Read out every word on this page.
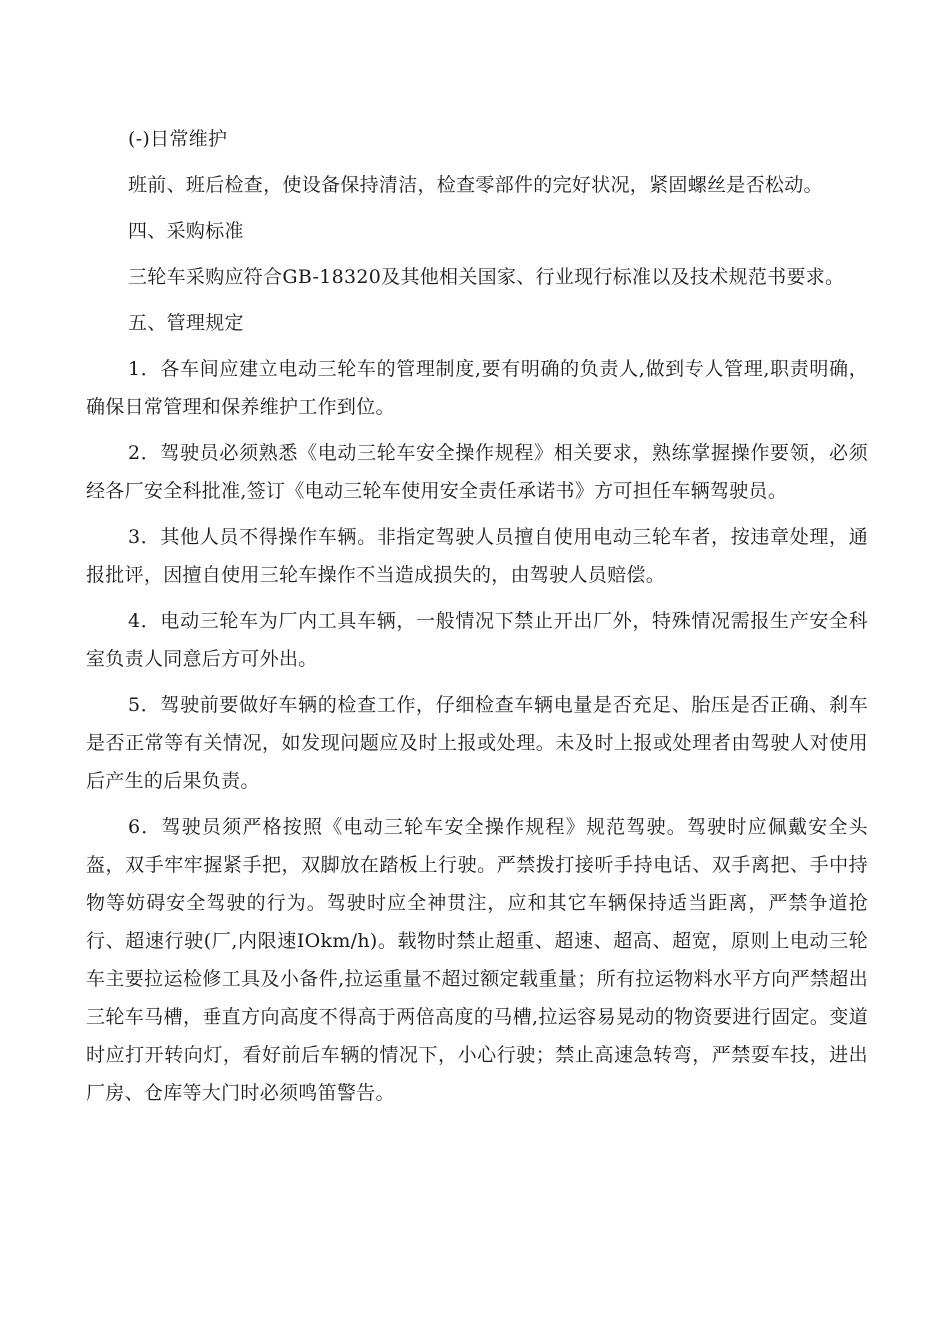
(-)日常维护

班前、班后检查，使设备保持清洁，检查零部件的完好状况，紧固螺丝是否松动。

四、采购标准

三轮车采购应符合GB-18320及其他相关国家、行业现行标准以及技术规范书要求。

五、管理规定

1．各车间应建立电动三轮车的管理制度,要有明确的负责人,做到专人管理,职责明确，确保日常管理和保养维护工作到位。

2．驾驶员必须熟悉《电动三轮车安全操作规程》相关要求，熟练掌握操作要领，必须经各厂安全科批准,签订《电动三轮车使用安全责任承诺书》方可担任车辆驾驶员。

3．其他人员不得操作车辆。非指定驾驶人员擅自使用电动三轮车者，按违章处理，通报批评，因擅自使用三轮车操作不当造成损失的，由驾驶人员赔偿。

4．电动三轮车为厂内工具车辆，一般情况下禁止开出厂外，特殊情况需报生产安全科室负责人同意后方可外出。

5．驾驶前要做好车辆的检查工作，仔细检查车辆电量是否充足、胎压是否正确、刹车是否正常等有关情况，如发现问题应及时上报或处理。未及时上报或处理者由驾驶人对使用后产生的后果负责。

6．驾驶员须严格按照《电动三轮车安全操作规程》规范驾驶。驾驶时应佩戴安全头盔，双手牢牢握紧手把，双脚放在踏板上行驶。严禁拨打接听手持电话、双手离把、手中持物等妨碍安全驾驶的行为。驾驶时应全神贯注，应和其它车辆保持适当距离，严禁争道抢行、超速行驶(厂,内限速IOkm/h)。载物时禁止超重、超速、超高、超宽，原则上电动三轮车主要拉运检修工具及小备件,拉运重量不超过额定载重量；所有拉运物料水平方向严禁超出三轮车马槽，垂直方向高度不得高于两倍高度的马槽,拉运容易晃动的物资要进行固定。变道时应打开转向灯，看好前后车辆的情况下，小心行驶；禁止高速急转弯，严禁耍车技，进出厂房、仓库等大门时必须鸣笛警告。
